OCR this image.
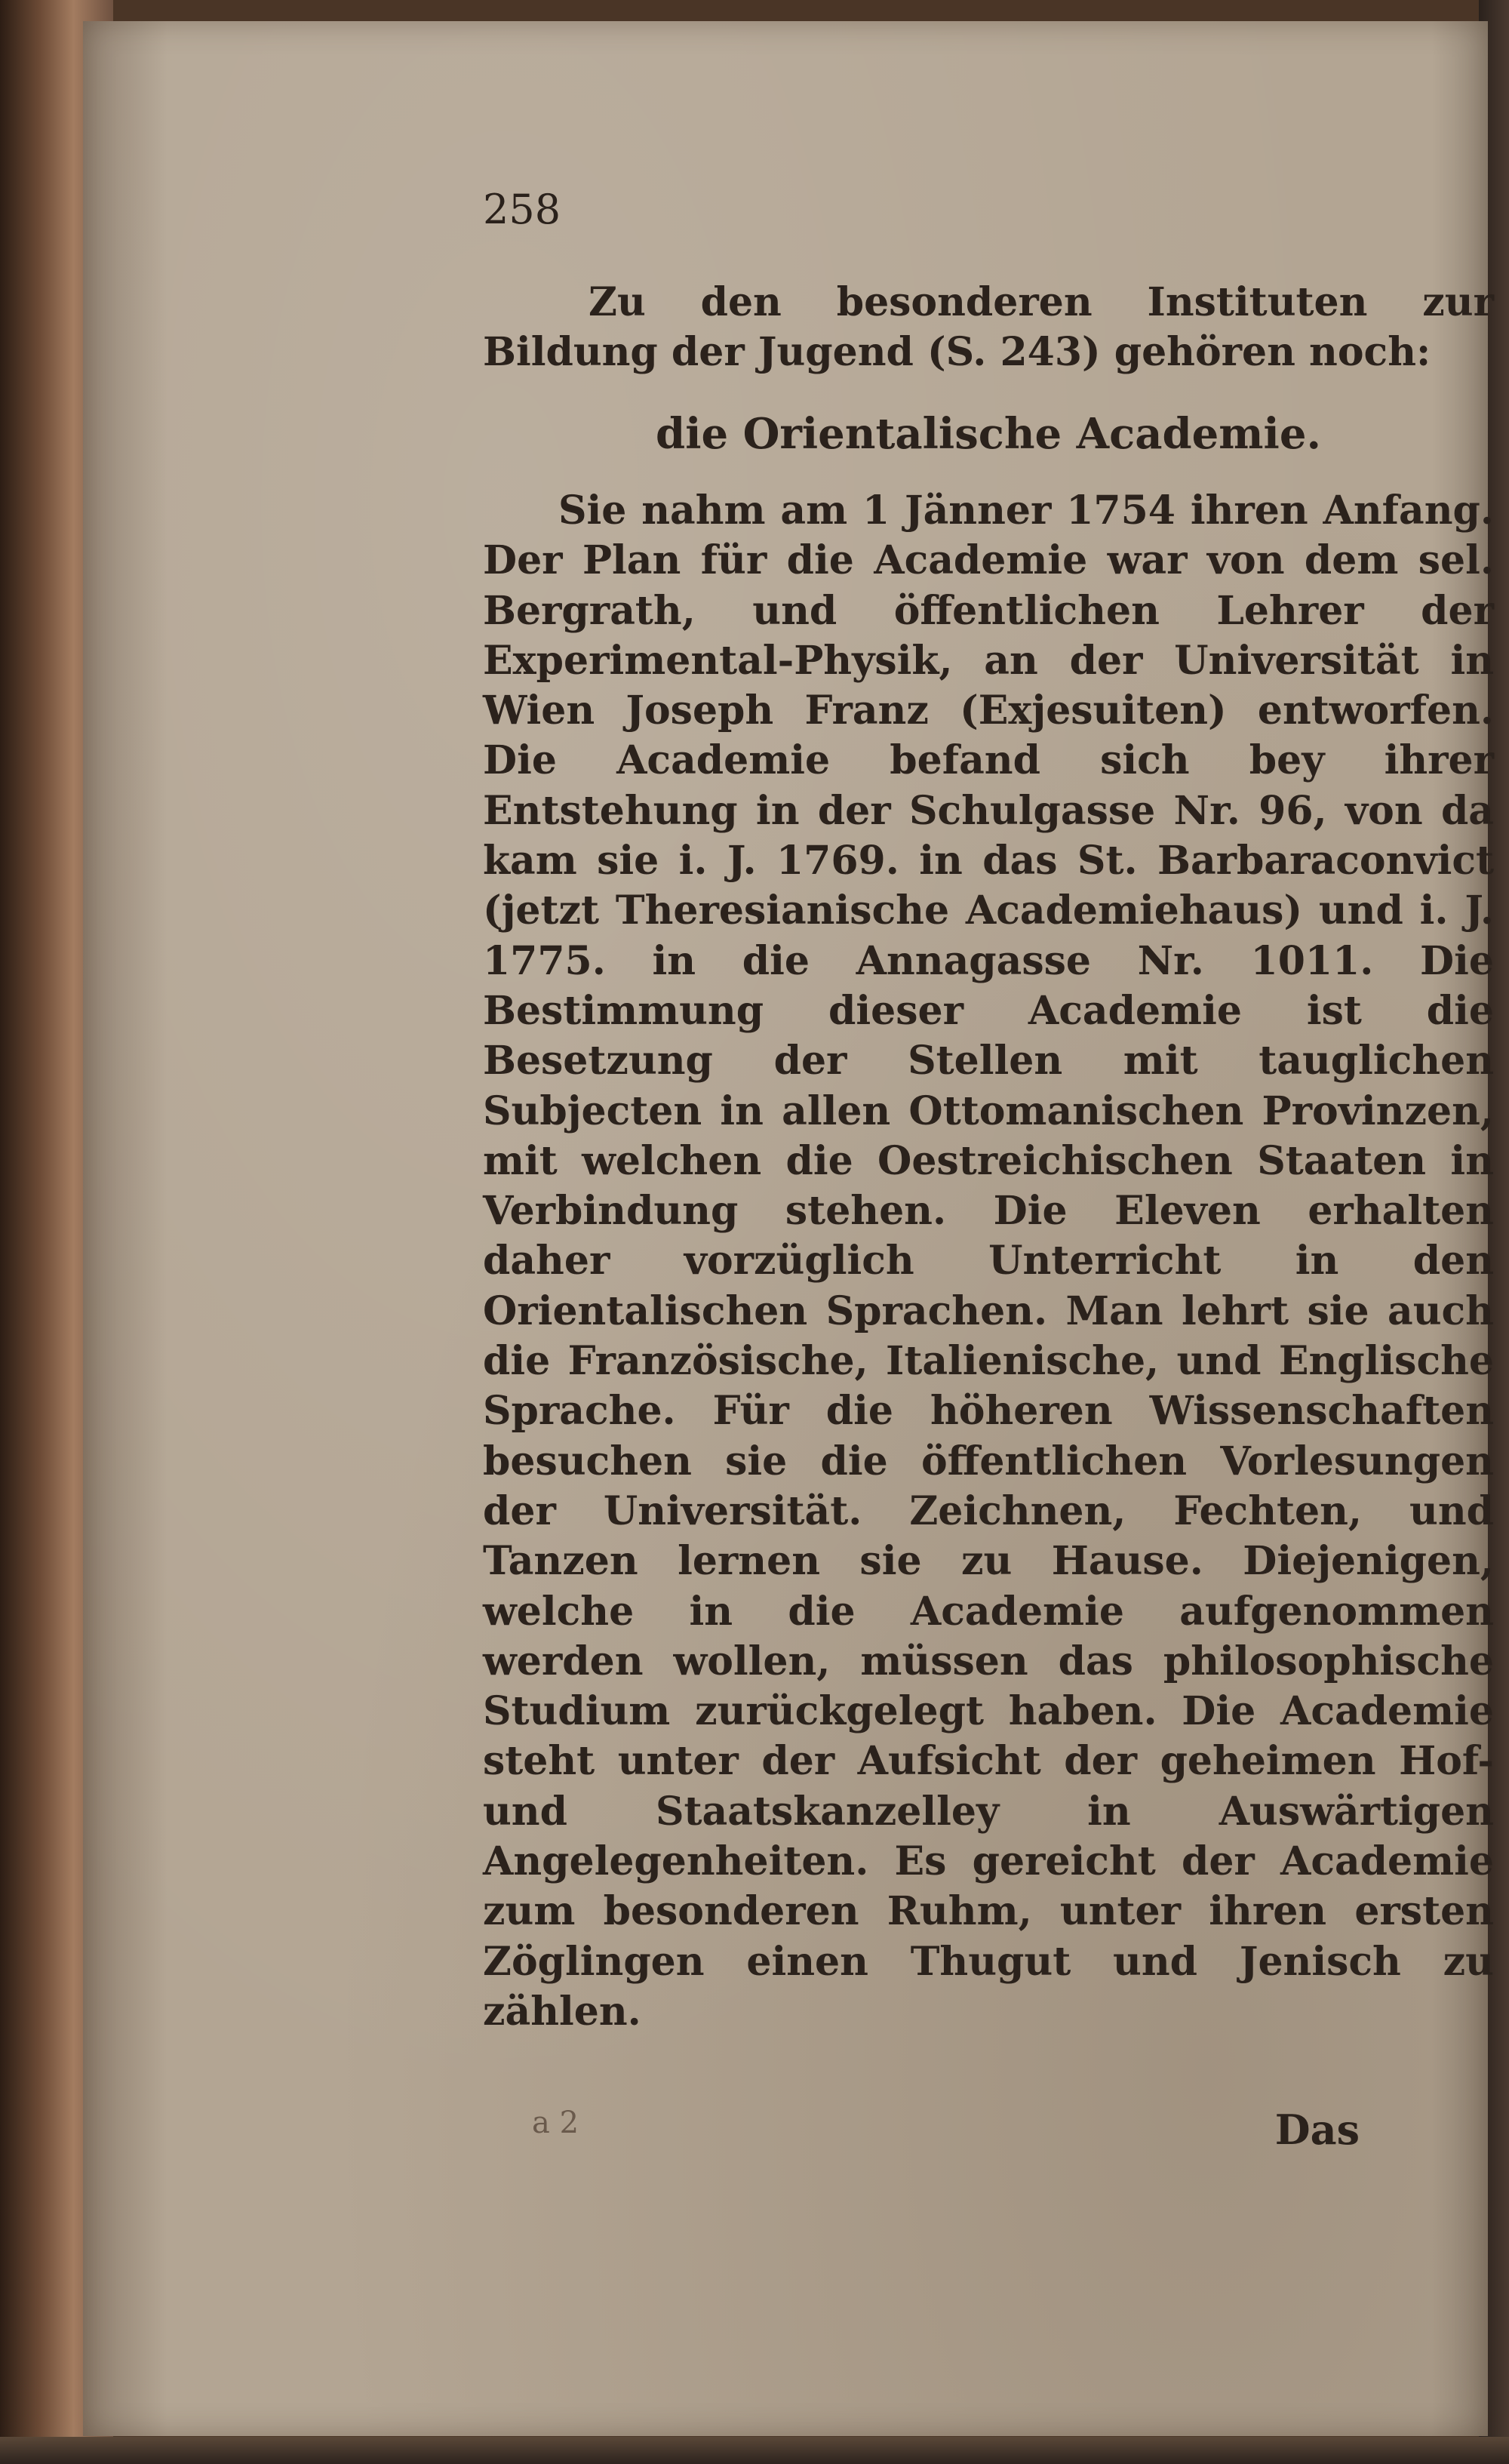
258

Zu den besonderen Instituten zur Bildung der Jugend (S. 243) gehören noch:

die Orientalische Academie.

Sie nahm am 1 Jänner 1754 ihren Anfang. Der Plan für die Academie war von dem sel. Bergrath, und öffentlichen Lehrer der Experimental-Physik, an der Universität in Wien Joseph Franz (Exjesuiten) entworfen. Die Academie befand sich bey ihrer Entstehung in der Schulgasse Nr. 96, von da kam sie i. J. 1769. in das St. Barbaraconvict (jetzt Theresianische Academiehaus) und i. J. 1775. in die Annagasse Nr. 1011. Die Bestimmung dieser Academie ist die Besetzung der Stellen mit tauglichen Subjecten in allen Ottomanischen Provinzen, mit welchen die Oestreichischen Staaten in Verbindung stehen. Die Eleven erhalten daher vorzüglich Unterricht in den Orientalischen Sprachen. Man lehrt sie auch die Französische, Italienische, und Englische Sprache. Für die höheren Wissenschaften besuchen sie die öffentlichen Vorlesungen der Universität. Zeichnen, Fechten, und Tanzen lernen sie zu Hause. Diejenigen, welche in die Academie aufgenommen werden wollen, müssen das philosophische Studium zurückgelegt haben. Die Academie steht unter der Aufsicht der geheimen Hof- und Staatskanzelley in Auswärtigen Angelegenheiten. Es gereicht der Academie zum besonderen Ruhm, unter ihren ersten Zöglingen einen Thugut und Jenisch zu zählen.

a 2	Das
